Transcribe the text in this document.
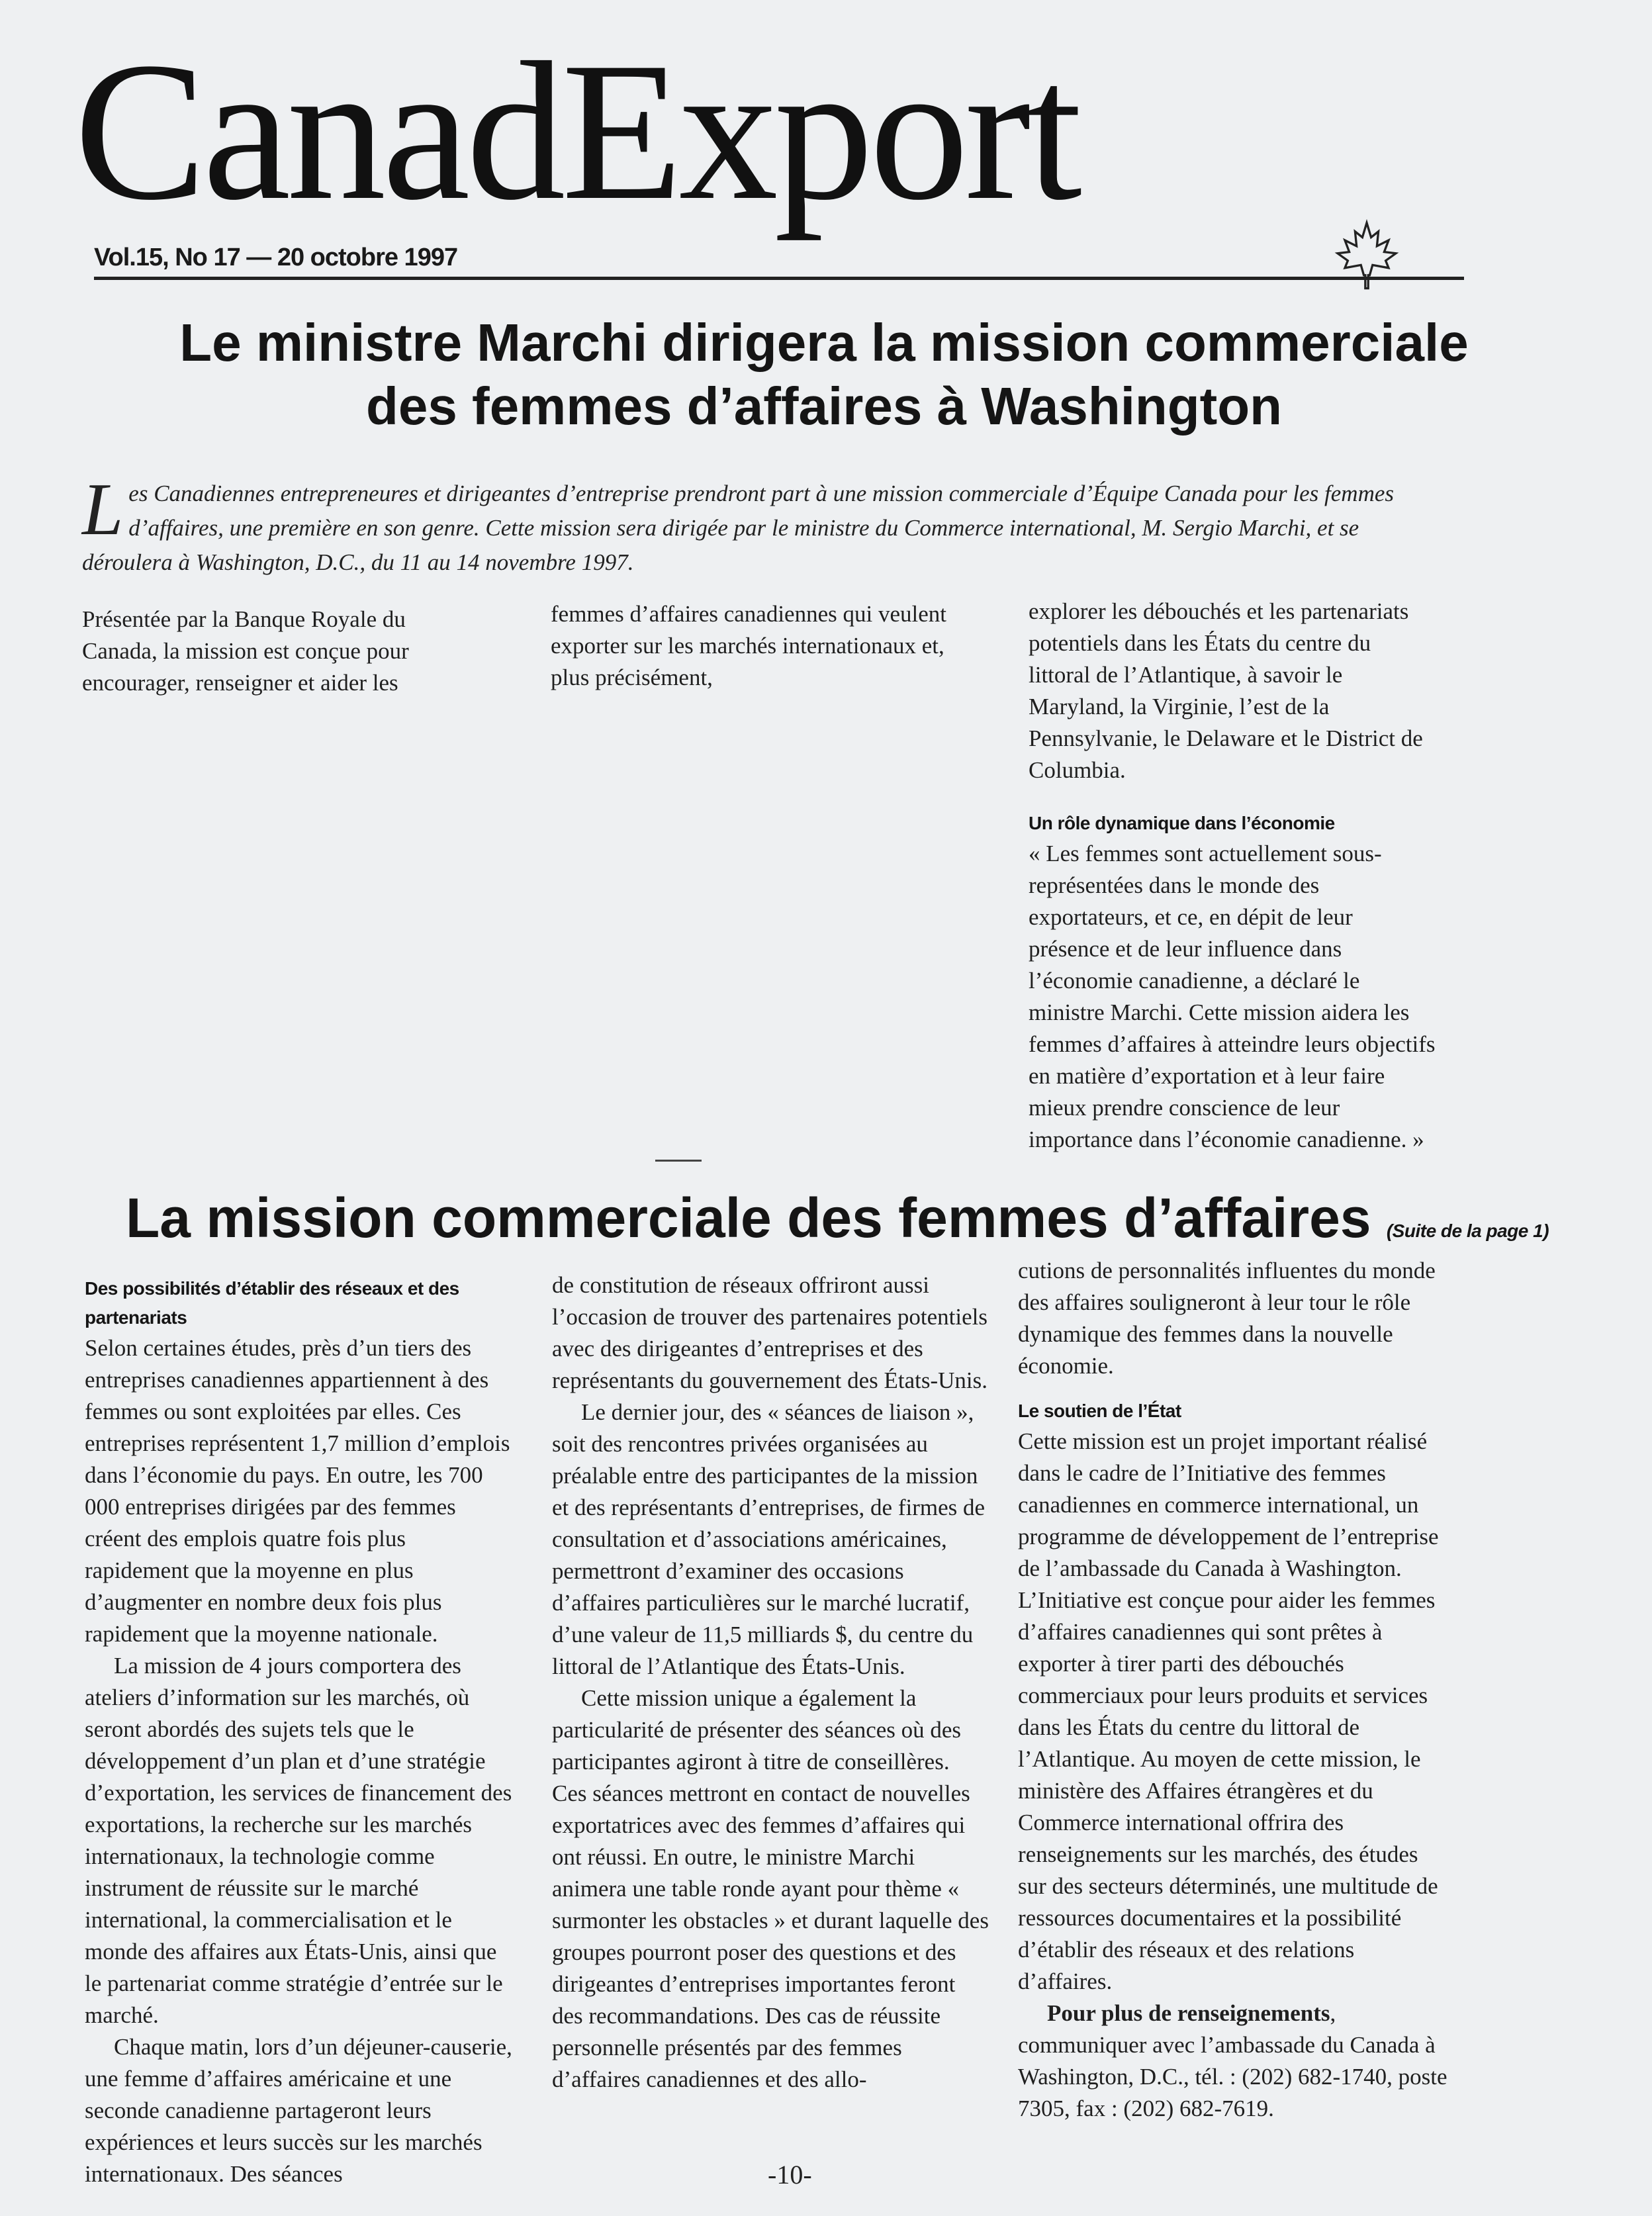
CanadExport
Vol.15, No 17 — 20 octobre 1997
Le ministre Marchi dirigera la mission commerciale
des femmes d’affaires à Washington
Les Canadiennes entrepreneures et dirigeantes d’entreprise prendront part à une mission commerciale d’Équipe Canada pour les femmes d’affaires, une première en son genre. Cette mission sera dirigée par le ministre du Commerce international, M. Sergio Marchi, et se déroulera à Washington, D.C., du 11 au 14 novembre 1997.

Présentée par la Banque Royale du Canada, la mission est conçue pour encourager, renseigner et aider les

femmes d’affaires canadiennes qui veulent exporter sur les marchés internationaux et, plus précisément,

explorer les débouchés et les partenariats potentiels dans les États du centre du littoral de l’Atlantique, à savoir le Maryland, la Virginie, l’est de la Pennsylvanie, le Delaware et le District de Columbia.

Un rôle dynamique dans l’économie

« Les femmes sont actuellement sous-représentées dans le monde des exportateurs, et ce, en dépit de leur présence et de leur influence dans l’économie canadienne, a déclaré le ministre Marchi. Cette mission aidera les femmes d’affaires à atteindre leurs objectifs en matière d’exportation et à leur faire mieux prendre conscience de leur importance dans l’économie canadienne. »

La mission commerciale des femmes d’affaires (Suite de la page 1)
Des possibilités d’établir des réseaux et des partenariats

Selon certaines études, près d’un tiers des entreprises canadiennes appartiennent à des femmes ou sont exploitées par elles. Ces entreprises représentent 1,7 million d’emplois dans l’économie du pays. En outre, les 700 000 entreprises dirigées par des femmes créent des emplois quatre fois plus rapidement que la moyenne en plus d’augmenter en nombre deux fois plus rapidement que la moyenne nationale.

La mission de 4 jours comportera des ateliers d’information sur les marchés, où seront abordés des sujets tels que le développement d’un plan et d’une stratégie d’exportation, les services de financement des exportations, la recherche sur les marchés internationaux, la technologie comme instrument de réussite sur le marché international, la commercialisation et le monde des affaires aux États-Unis, ainsi que le partenariat comme stratégie d’entrée sur le marché.

Chaque matin, lors d’un déjeuner-causerie, une femme d’affaires américaine et une seconde canadienne partageront leurs expériences et leurs succès sur les marchés internationaux. Des séances

de constitution de réseaux offriront aussi l’occasion de trouver des partenaires potentiels avec des dirigeantes d’entreprises et des représentants du gouvernement des États-Unis.

Le dernier jour, des « séances de liaison », soit des rencontres privées organisées au préalable entre des participantes de la mission et des représentants d’entreprises, de firmes de consultation et d’associations américaines, permettront d’examiner des occasions d’affaires particulières sur le marché lucratif, d’une valeur de 11,5 milliards $, du centre du littoral de l’Atlantique des États-Unis.

Cette mission unique a également la particularité de présenter des séances où des participantes agiront à titre de conseillères. Ces séances mettront en contact de nouvelles exportatrices avec des femmes d’affaires qui ont réussi. En outre, le ministre Marchi animera une table ronde ayant pour thème « surmonter les obstacles » et durant laquelle des groupes pourront poser des questions et des dirigeantes d’entreprises importantes feront des recommandations. Des cas de réussite personnelle présentés par des femmes d’affaires canadiennes et des allo-

cutions de personnalités influentes du monde des affaires souligneront à leur tour le rôle dynamique des femmes dans la nouvelle économie.

Le soutien de l’État

Cette mission est un projet important réalisé dans le cadre de l’Initiative des femmes canadiennes en commerce international, un programme de développement de l’entreprise de l’ambassade du Canada à Washington. L’Initiative est conçue pour aider les femmes d’affaires canadiennes qui sont prêtes à exporter à tirer parti des débouchés commerciaux pour leurs produits et services dans les États du centre du littoral de l’Atlantique. Au moyen de cette mission, le ministère des Affaires étrangères et du Commerce international offrira des renseignements sur les marchés, des études sur des secteurs déterminés, une multitude de ressources documentaires et la possibilité d’établir des réseaux et des relations d’affaires.

Pour plus de renseignements, communiquer avec l’ambassade du Canada à Washington, D.C., tél. : (202) 682-1740, poste 7305, fax : (202) 682-7619.

-10-
